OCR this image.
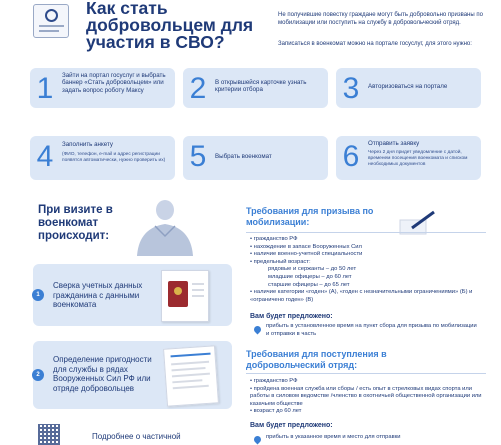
Как стать добровольцем для участия в СВО?
Не получившие повестку граждане могут быть добровольно призваны по мобилизации или поступить на службу в добровольческий отряд.
Записаться в военкомат можно на портале госуслуг, для этого нужно:
1	Зайти на портал госуслуг и выбрать баннер «Стать добровольцем» или задать вопрос роботу Максу	2	В открывшейся карточке узнать критерии отбора	3	Авторизоваться на портале
4	Заполнить анкету
(ФИО, телефон, e-mail и адрес регистрации появятся автоматически, нужно проверить их) 5	Выбрать военкомат	6	Отправить заявку
Через 2 дня придет уведомление с датой, временем посещения военкомата и списком необходимых документов
При визите в военкомат происходит:
1
Сверка учетных данных гражданина с данными военкомата
2
Определение пригодности для службы в рядах Вооруженных Сил РФ или отряде добровольцев
Подробнее о частичной
Требования для призыва по мобилизации:
• гражданство РФ
• нахождение в запасе Вооруженных Сил
• наличие военно-учетной специальности
• предельный возраст:
рядовые и сержанты – до 50 лет
младшие офицеры – до 60 лет
старшие офицеры – до 65 лет
• наличие категории «годен» (А), «годен с незначительными ограничениями» (Б) и «ограничено годен» (В)
Вам будет предложено:
прибыть в установленное время на пункт сбора для призыва по мобилизации и отправки в часть
Требования для поступления в добровольческий отряд:
• гражданство РФ
• пройдена военная служба или сборы / есть опыт в стрелковых видах спорта или работы в силовом ведомстве /членство в охотничьей общественной организации или казачьем обществе
• возраст до 60 лет
Вам будет предложено:
прибыть в указанное время и место для отправки
